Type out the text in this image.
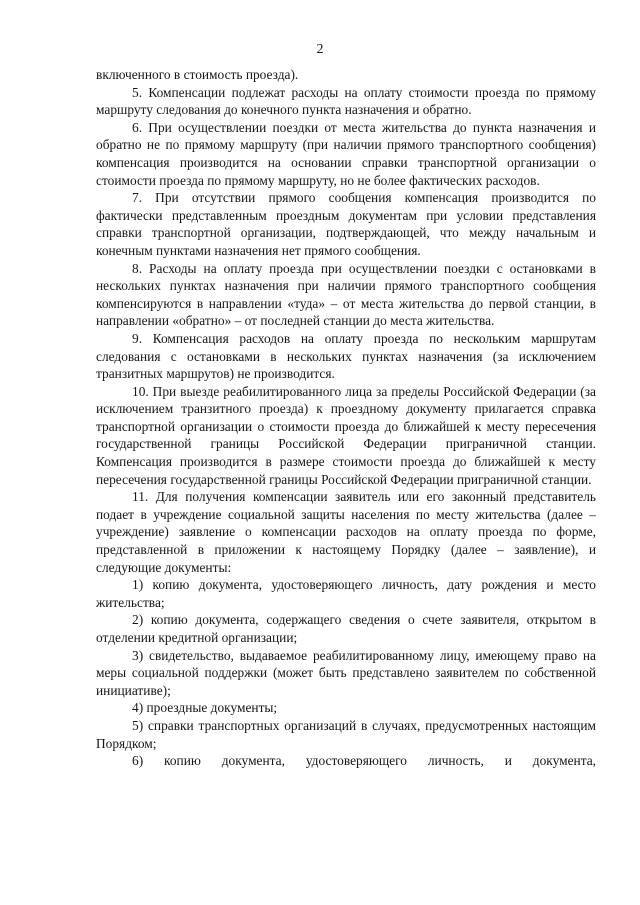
2

включенного в стоимость проезда).

5. Компенсации подлежат расходы на оплату стоимости проезда по прямому маршруту следования до конечного пункта назначения и обратно.

6. При осуществлении поездки от места жительства до пункта назначения и обратно не по прямому маршруту (при наличии прямого транспортного сообщения) компенсация производится на основании справки транспортной организации о стоимости проезда по прямому маршруту, но не более фактических расходов.

7. При отсутствии прямого сообщения компенсация производится по фактически представленным проездным документам при условии представления справки транспортной организации, подтверждающей, что между начальным и конечным пунктами назначения нет прямого сообщения.

8. Расходы на оплату проезда при осуществлении поездки с остановками в нескольких пунктах назначения при наличии прямого транспортного сообщения компенсируются в направлении «туда» – от места жительства до первой станции, в направлении «обратно» – от последней станции до места жительства.

9. Компенсация расходов на оплату проезда по нескольким маршрутам следования с остановками в нескольких пунктах назначения (за исключением транзитных маршрутов) не производится.

10. При выезде реабилитированного лица за пределы Российской Федерации (за исключением транзитного проезда) к проездному документу прилагается справка транспортной организации о стоимости проезда до ближайшей к месту пересечения государственной границы Российской Федерации приграничной станции. Компенсация производится в размере стоимости проезда до ближайшей к месту пересечения государственной границы Российской Федерации приграничной станции.

11. Для получения компенсации заявитель или его законный представитель подает в учреждение социальной защиты населения по месту жительства (далее – учреждение) заявление о компенсации расходов на оплату проезда по форме, представленной в приложении к настоящему Порядку (далее – заявление), и следующие документы:

1) копию документа, удостоверяющего личность, дату рождения и место жительства;

2) копию документа, содержащего сведения о счете заявителя, открытом в отделении кредитной организации;

3) свидетельство, выдаваемое реабилитированному лицу, имеющему право на меры социальной поддержки (может быть представлено заявителем по собственной инициативе);

4) проездные документы;

5) справки транспортных организаций в случаях, предусмотренных настоящим Порядком;

6) копию документа, удостоверяющего личность, и документа,
